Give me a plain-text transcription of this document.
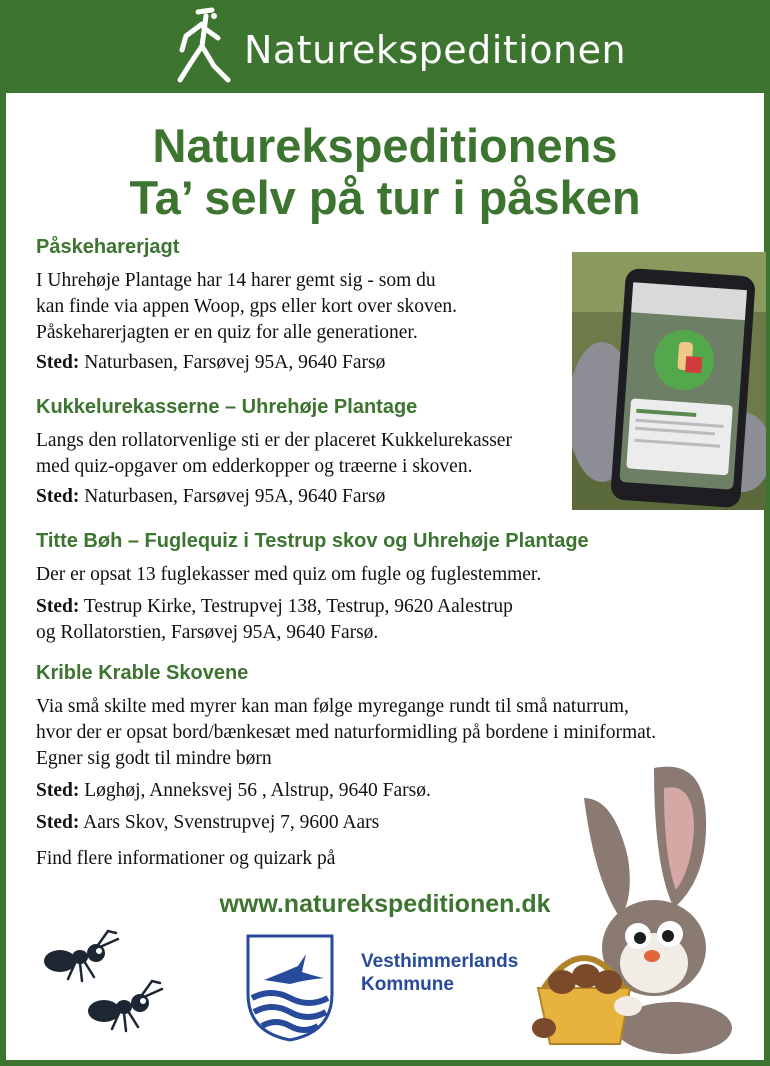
Naturekspeditionen
Naturekspeditionens
Ta’ selv på tur i påsken
Påskeharerjagt
I Uhrehøje Plantage har 14 harer gemt sig - som du
kan finde via appen Woop, gps eller kort over skoven.
Påskeharerjagten er en quiz for alle generationer.
Sted: Naturbasen, Farsøvej 95A, 9640 Farsø
Kukkelurekasserne – Uhrehøje Plantage
Langs den rollatorvenlige sti er der placeret Kukkelurekasser
med quiz-opgaver om edderkopper og træerne i skoven.
Sted: Naturbasen, Farsøvej 95A, 9640 Farsø
Titte Bøh – Fuglequiz i Testrup skov og Uhrehøje Plantage
Der er opsat 13 fuglekasser med quiz om fugle og fuglestemmer.
Sted: Testrup Kirke, Testrupvej 138, Testrup, 9620 Aalestrup
og Rollatorstien, Farsøvej 95A, 9640 Farsø.
Krible Krable Skovene
Via små skilte med myrer kan man følge myregange rundt til små naturrum,
hvor der er opsat bord/bænkesæt med naturformidling på bordene i miniformat.
Egner sig godt til mindre børn
Sted: Løghøj, Anneksvej 56 , Alstrup, 9640 Farsø.
Sted: Aars Skov, Svenstrupvej 7, 9600 Aars
Find flere informationer og quizark på
www.naturekspeditionen.dk
Vesthimmerlands
Kommune
